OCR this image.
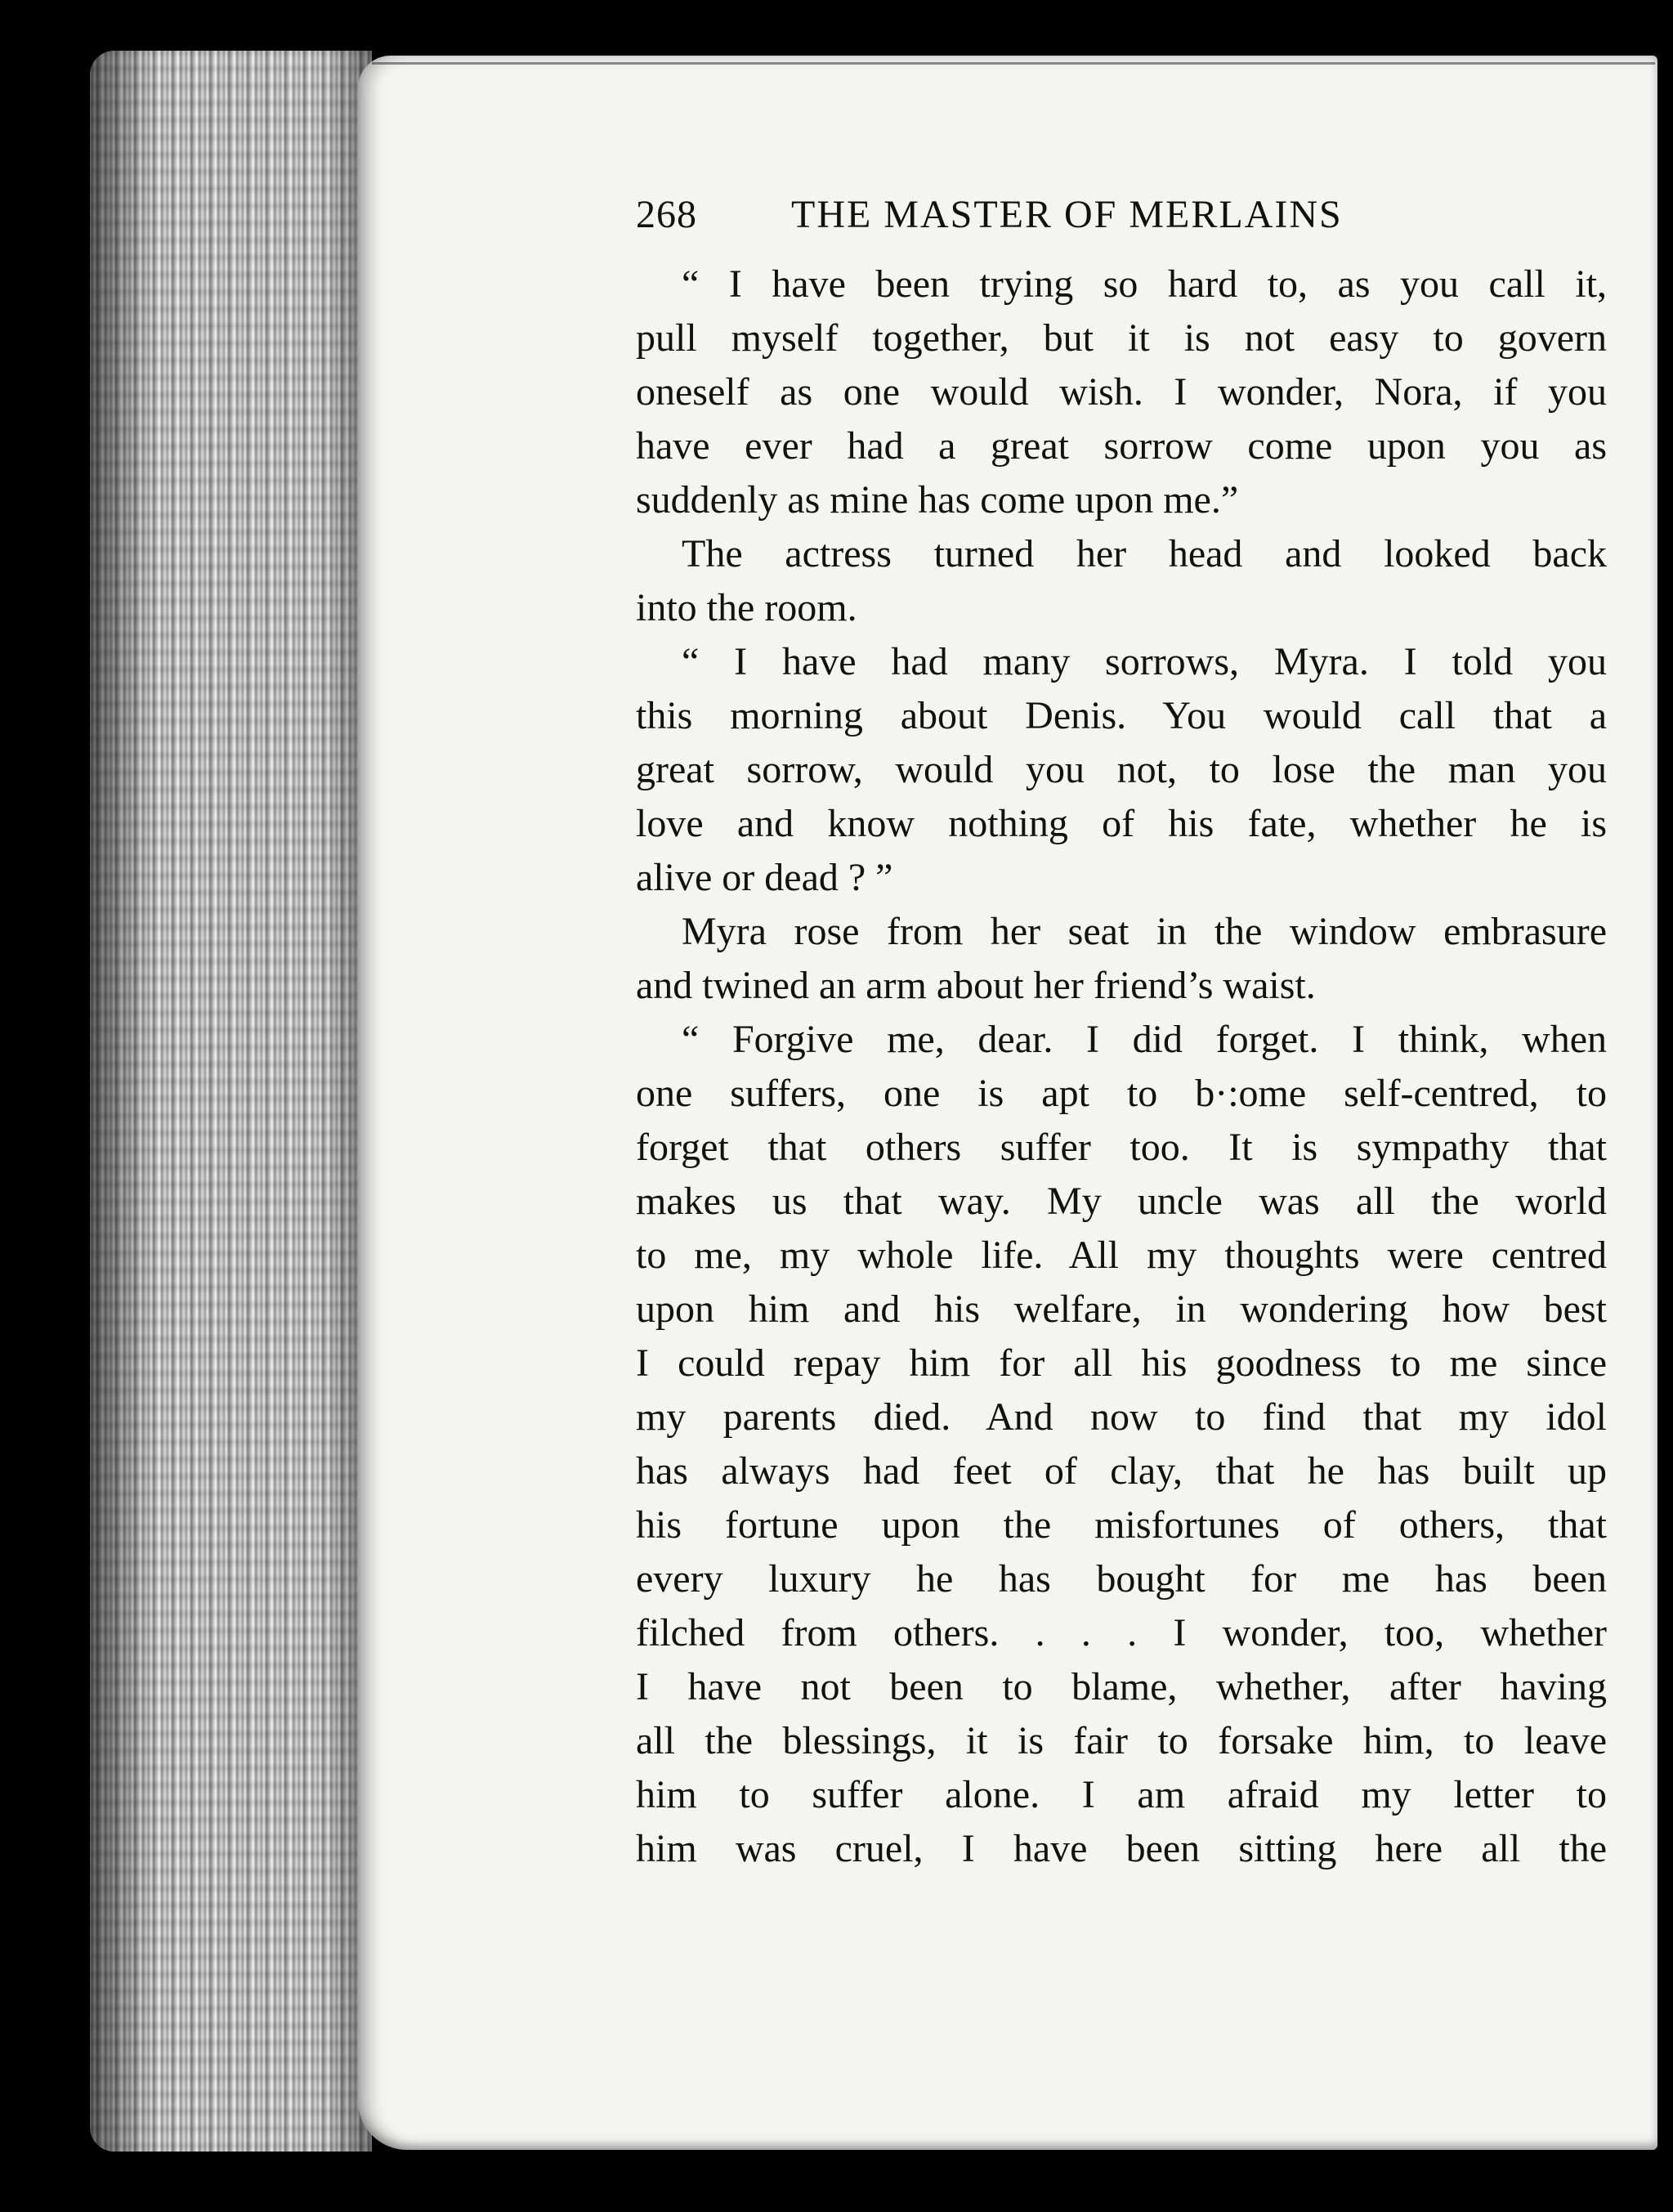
268	THE MASTER OF MERLAINS
“ I have been trying so hard to, as you call it,
pull myself together, but it is not easy to govern
oneself as one would wish. I wonder, Nora, if you
have ever had a great sorrow come upon you as
suddenly as mine has come upon me.”
The actress turned her head and looked back
into the room.
“ I have had many sorrows, Myra. I told you
this morning about Denis. You would call that a
great sorrow, would you not, to lose the man you
love and know nothing of his fate, whether he is
alive or dead ? ”
Myra rose from her seat in the window embrasure
and twined an arm about her friend’s waist.
“ Forgive me, dear. I did forget. I think, when
one suffers, one is apt to b·:ome self-centred, to
forget that others suffer too. It is sympathy that
makes us that way. My uncle was all the world
to me, my whole life. All my thoughts were centred
upon him and his welfare, in wondering how best
I could repay him for all his goodness to me since
my parents died. And now to find that my idol
has always had feet of clay, that he has built up
his fortune upon the misfortunes of others, that
every luxury he has bought for me has been
filched from others. . . . I wonder, too, whether
I have not been to blame, whether, after having
all the blessings, it is fair to forsake him, to leave
him to suffer alone. I am afraid my letter to
him was cruel, I have been sitting here all the
